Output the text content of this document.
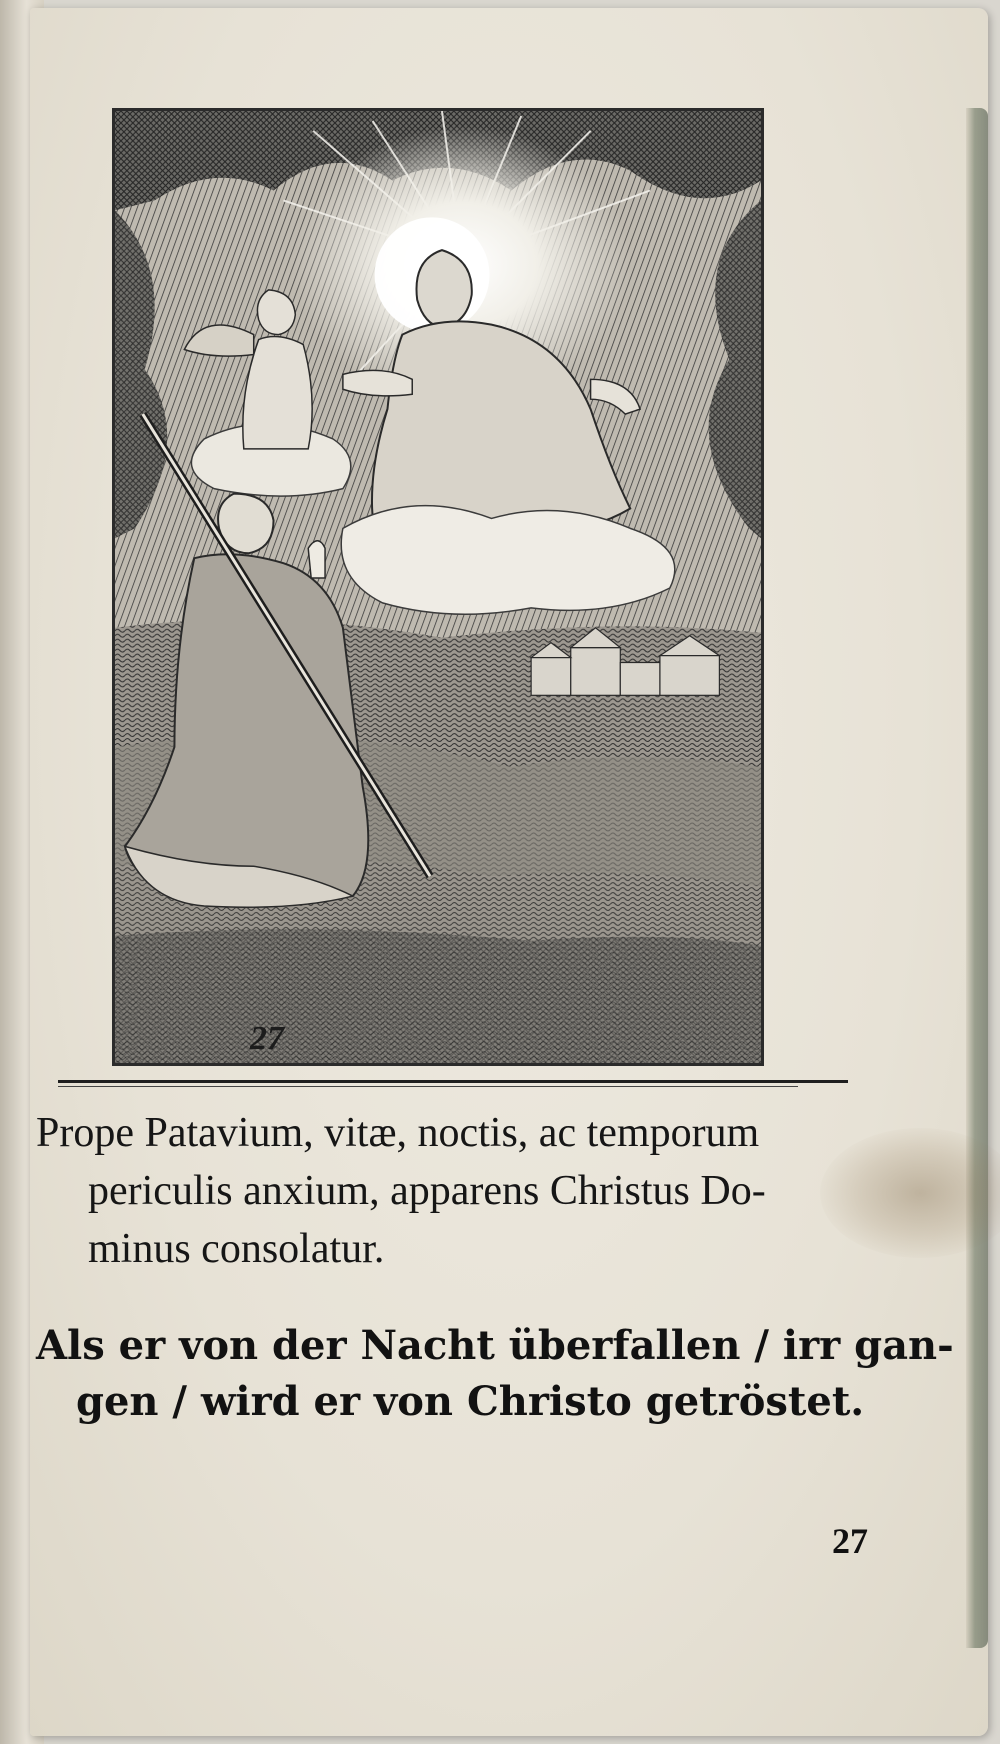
27
Prope Patavium, vitæ, noctis, ac temporum
periculis anxium, apparens Christus Do-
minus consolatur.
Als er von der Nacht überfallen / irr gan-
gen / wird er von Christo getröstet.
27
